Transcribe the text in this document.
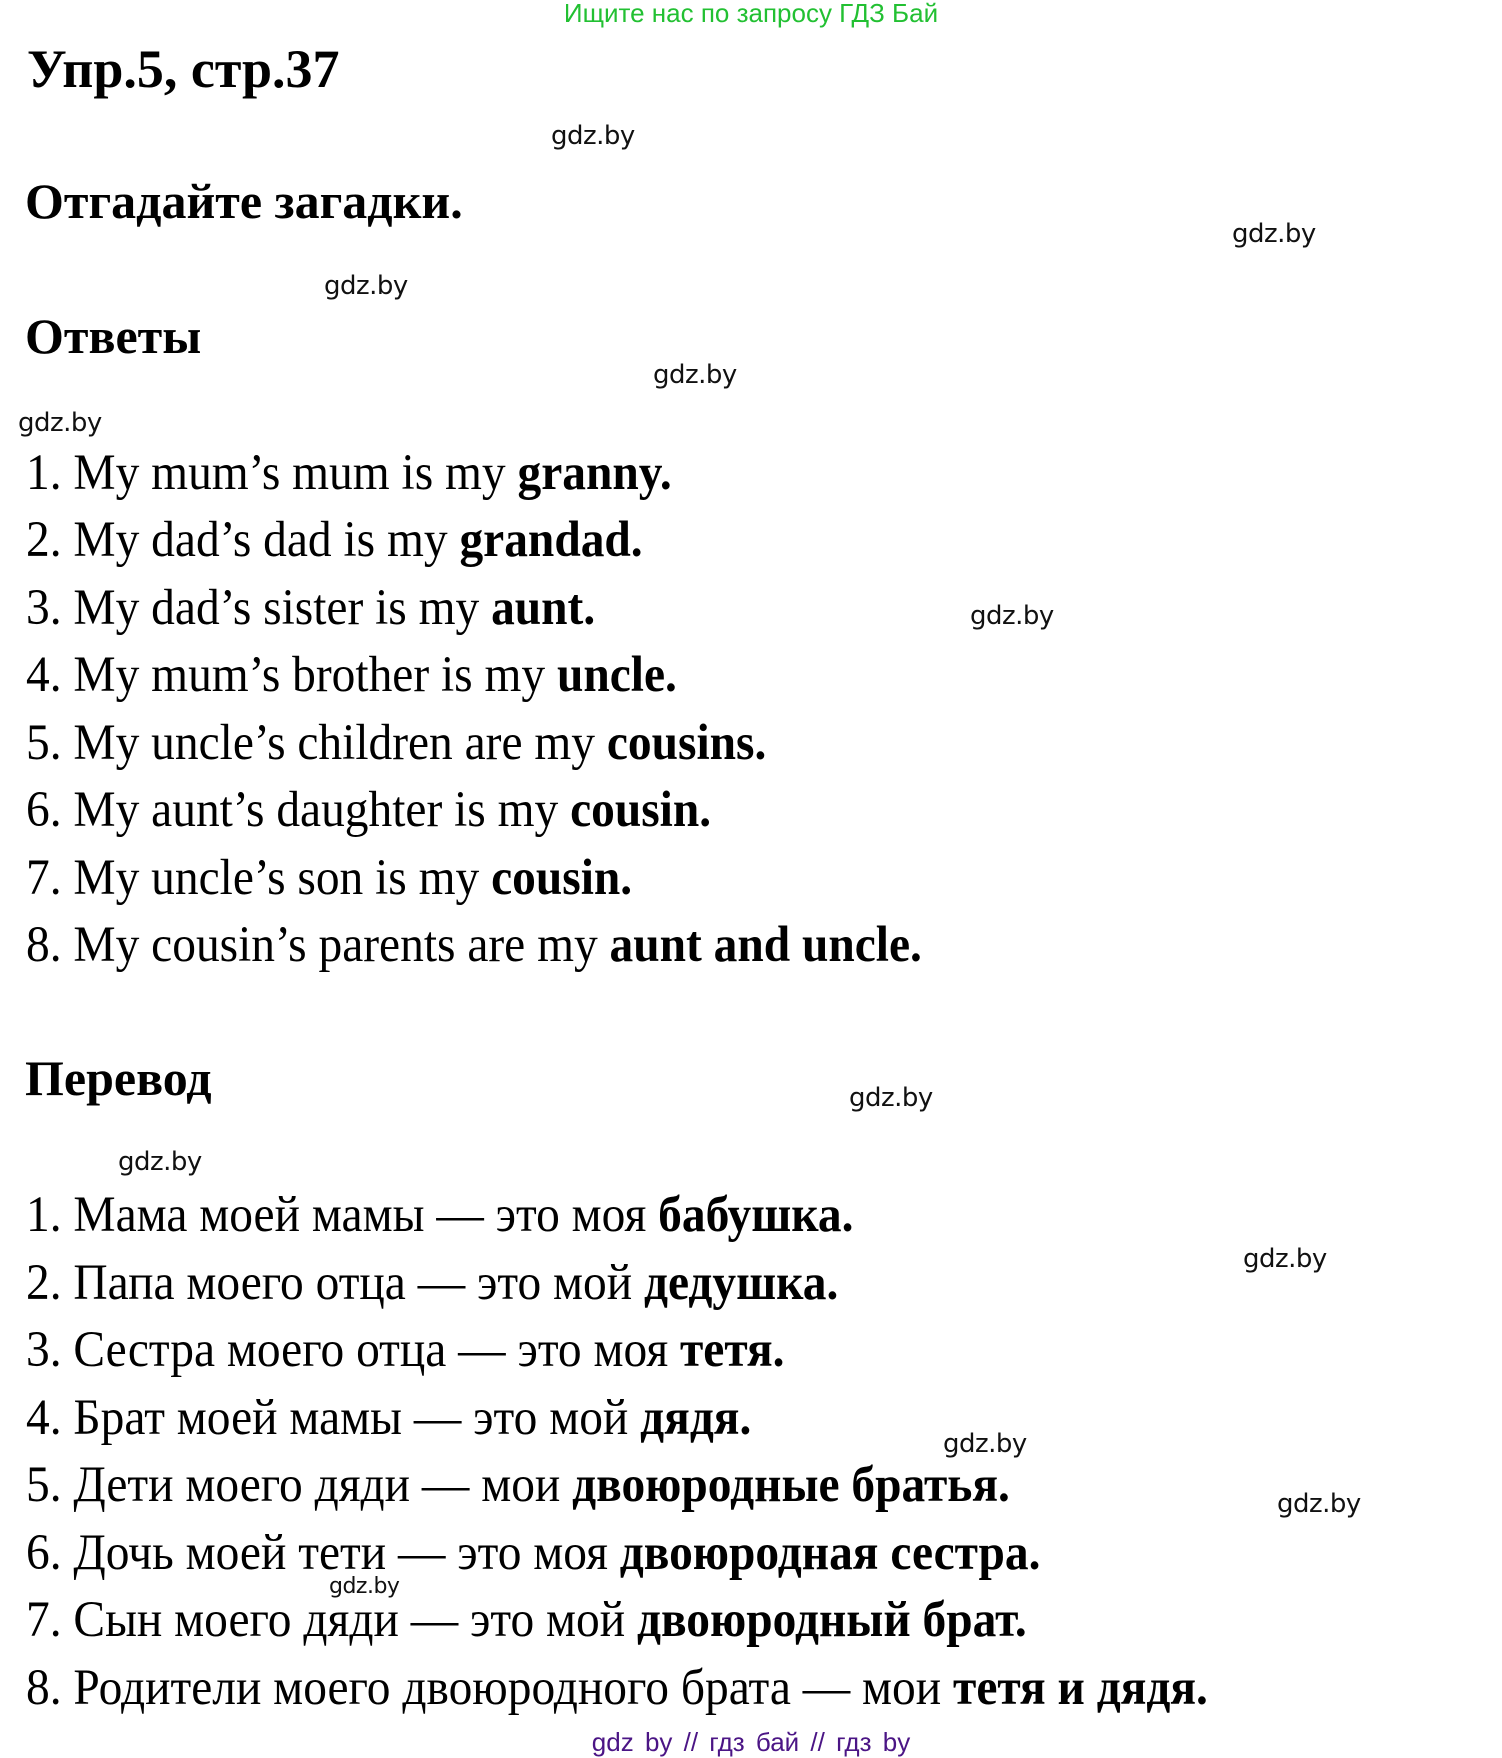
Ищите нас по запросу ГДЗ Бай
Упр.5, стр.37
gdz.by
Отгадайте загадки.
gdz.by
gdz.by
Ответы
gdz.by
gdz.by
1. My mum’s mum is my granny.
2. My dad’s dad is my grandad.
3. My dad’s sister is my aunt.
4. My mum’s brother is my uncle.
5. My uncle’s children are my cousins.
6. My aunt’s daughter is my cousin.
7. My uncle’s son is my cousin.
8. My cousin’s parents are my aunt and uncle.
gdz.by
Перевод	gdz.by
gdz.by
1. Мама моей мамы — это моя бабушка.
2. Папа моего отца — это мой дедушка.
3. Сестра моего отца — это моя тетя.
4. Брат моей мамы — это мой дядя.
5. Дети моего дяди — мои двоюродные братья.
6. Дочь моей тети — это моя двоюродная сестра.
7. Сын моего дяди — это мой двоюродный брат.
8. Родители моего двоюродного брата — мои тетя и дядя.
gdz.by
gdz.by
gdz.by
gdz.by
gdz by // гдз бай // гдз by
